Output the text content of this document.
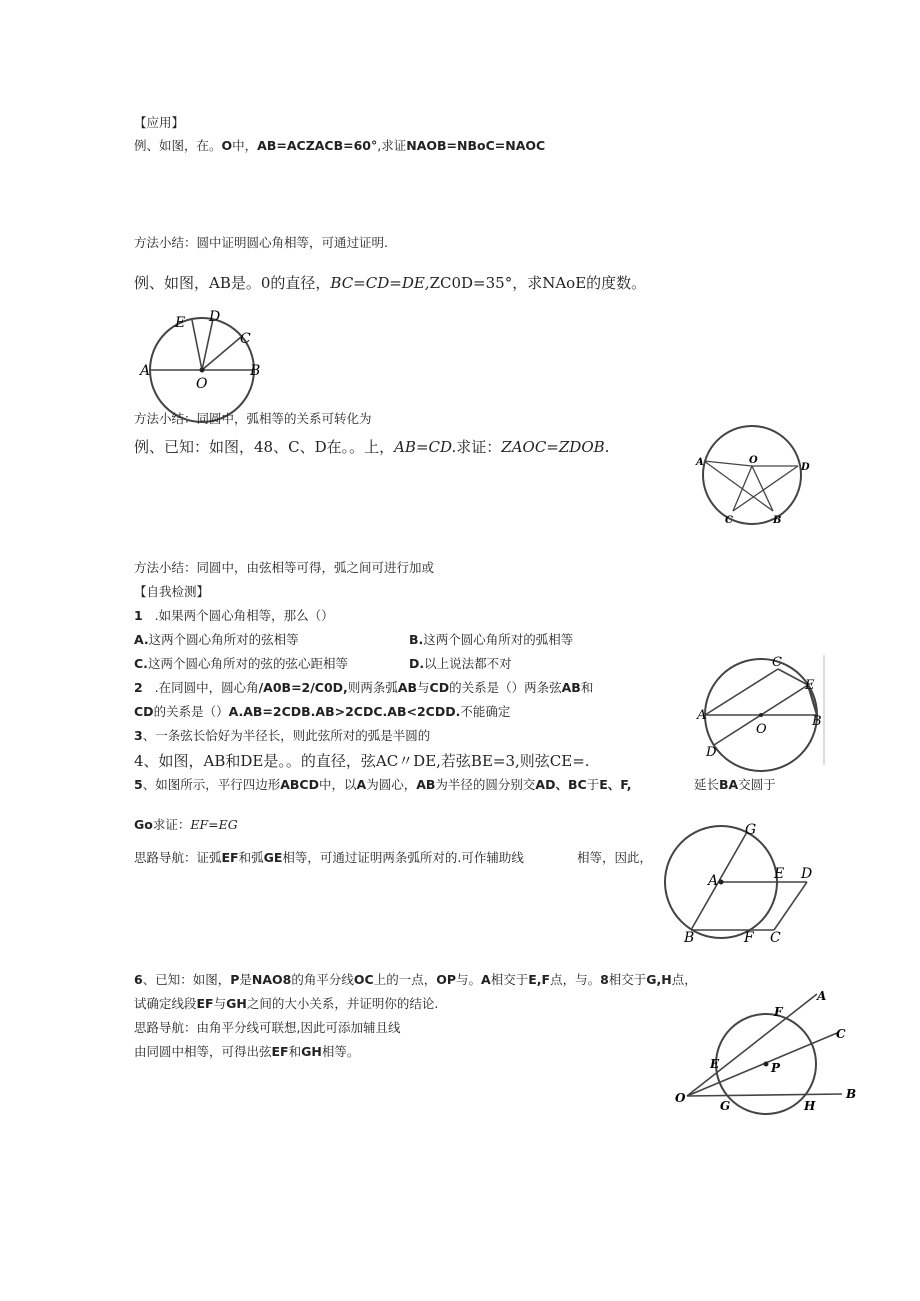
【应用】
例、如图，在。O中，AB=ACZACB=60°,求证NAOB=NBoC=NAOC
方法小结：圆中证明圆心角相等，可通过证明.
例、如图，AB是。0的直径，BC=CD=DE,ZC0D=35°，求NAoE的度数。
A
O
B
E D
C
方法小结：同圆中，弧相等的关系可转化为
例、已知：如图，48、C、D在。。上，AB=CD.求证：ZAOC=ZDOB.
A	O
D
C	B
方法小结：同圆中，由弦相等可得，弧之间可进行加或
【自我检测】
1 .如果两个圆心角相等，那么（）
A.这两个圆心角所对的弦相等	B.这两个圆心角所对的弧相等
C.这两个圆心角所对的弦的弦心距相等	D.以上说法都不对
2 .在同圆中，圆心角/A0B=2/C0D,则两条弧AB与CD的关系是（）两条弦AB和
CD的关系是（）A.AB=2CDB.AB>2CDC.AB<2CDD.不能确定
3、一条弦长恰好为半径长，则此弦所对的弧是半圆的
4、如图，AB和DE是。。的直径，弦AC〃DE,若弦BE=3,则弦CE=.
A
O
B
C
E
D
5、如图所示，平行四边形ABCD中，以A为圆心，AB为半径的圆分别交AD、BC于E、F,	延长BA交圆于
Go求证：EF=EG
思路导航：证弧EF和弧GE相等，可通过证明两条弧所对的.可作辅助线	相等，因此，
G
A	E D
B	F C
6、已知：如图，P是NAO8的角平分线OC上的一点，OP与。A相交于E,F点，与。8相交于G,H点，
试确定线段EF与GH之间的大小关系，并证明你的结论.
思路导航：由角平分线可联想,因此可添加辅且线
由同圆中相等，可得出弦EF和GH相等。
A
F
C
E	P
O
G	H
B
